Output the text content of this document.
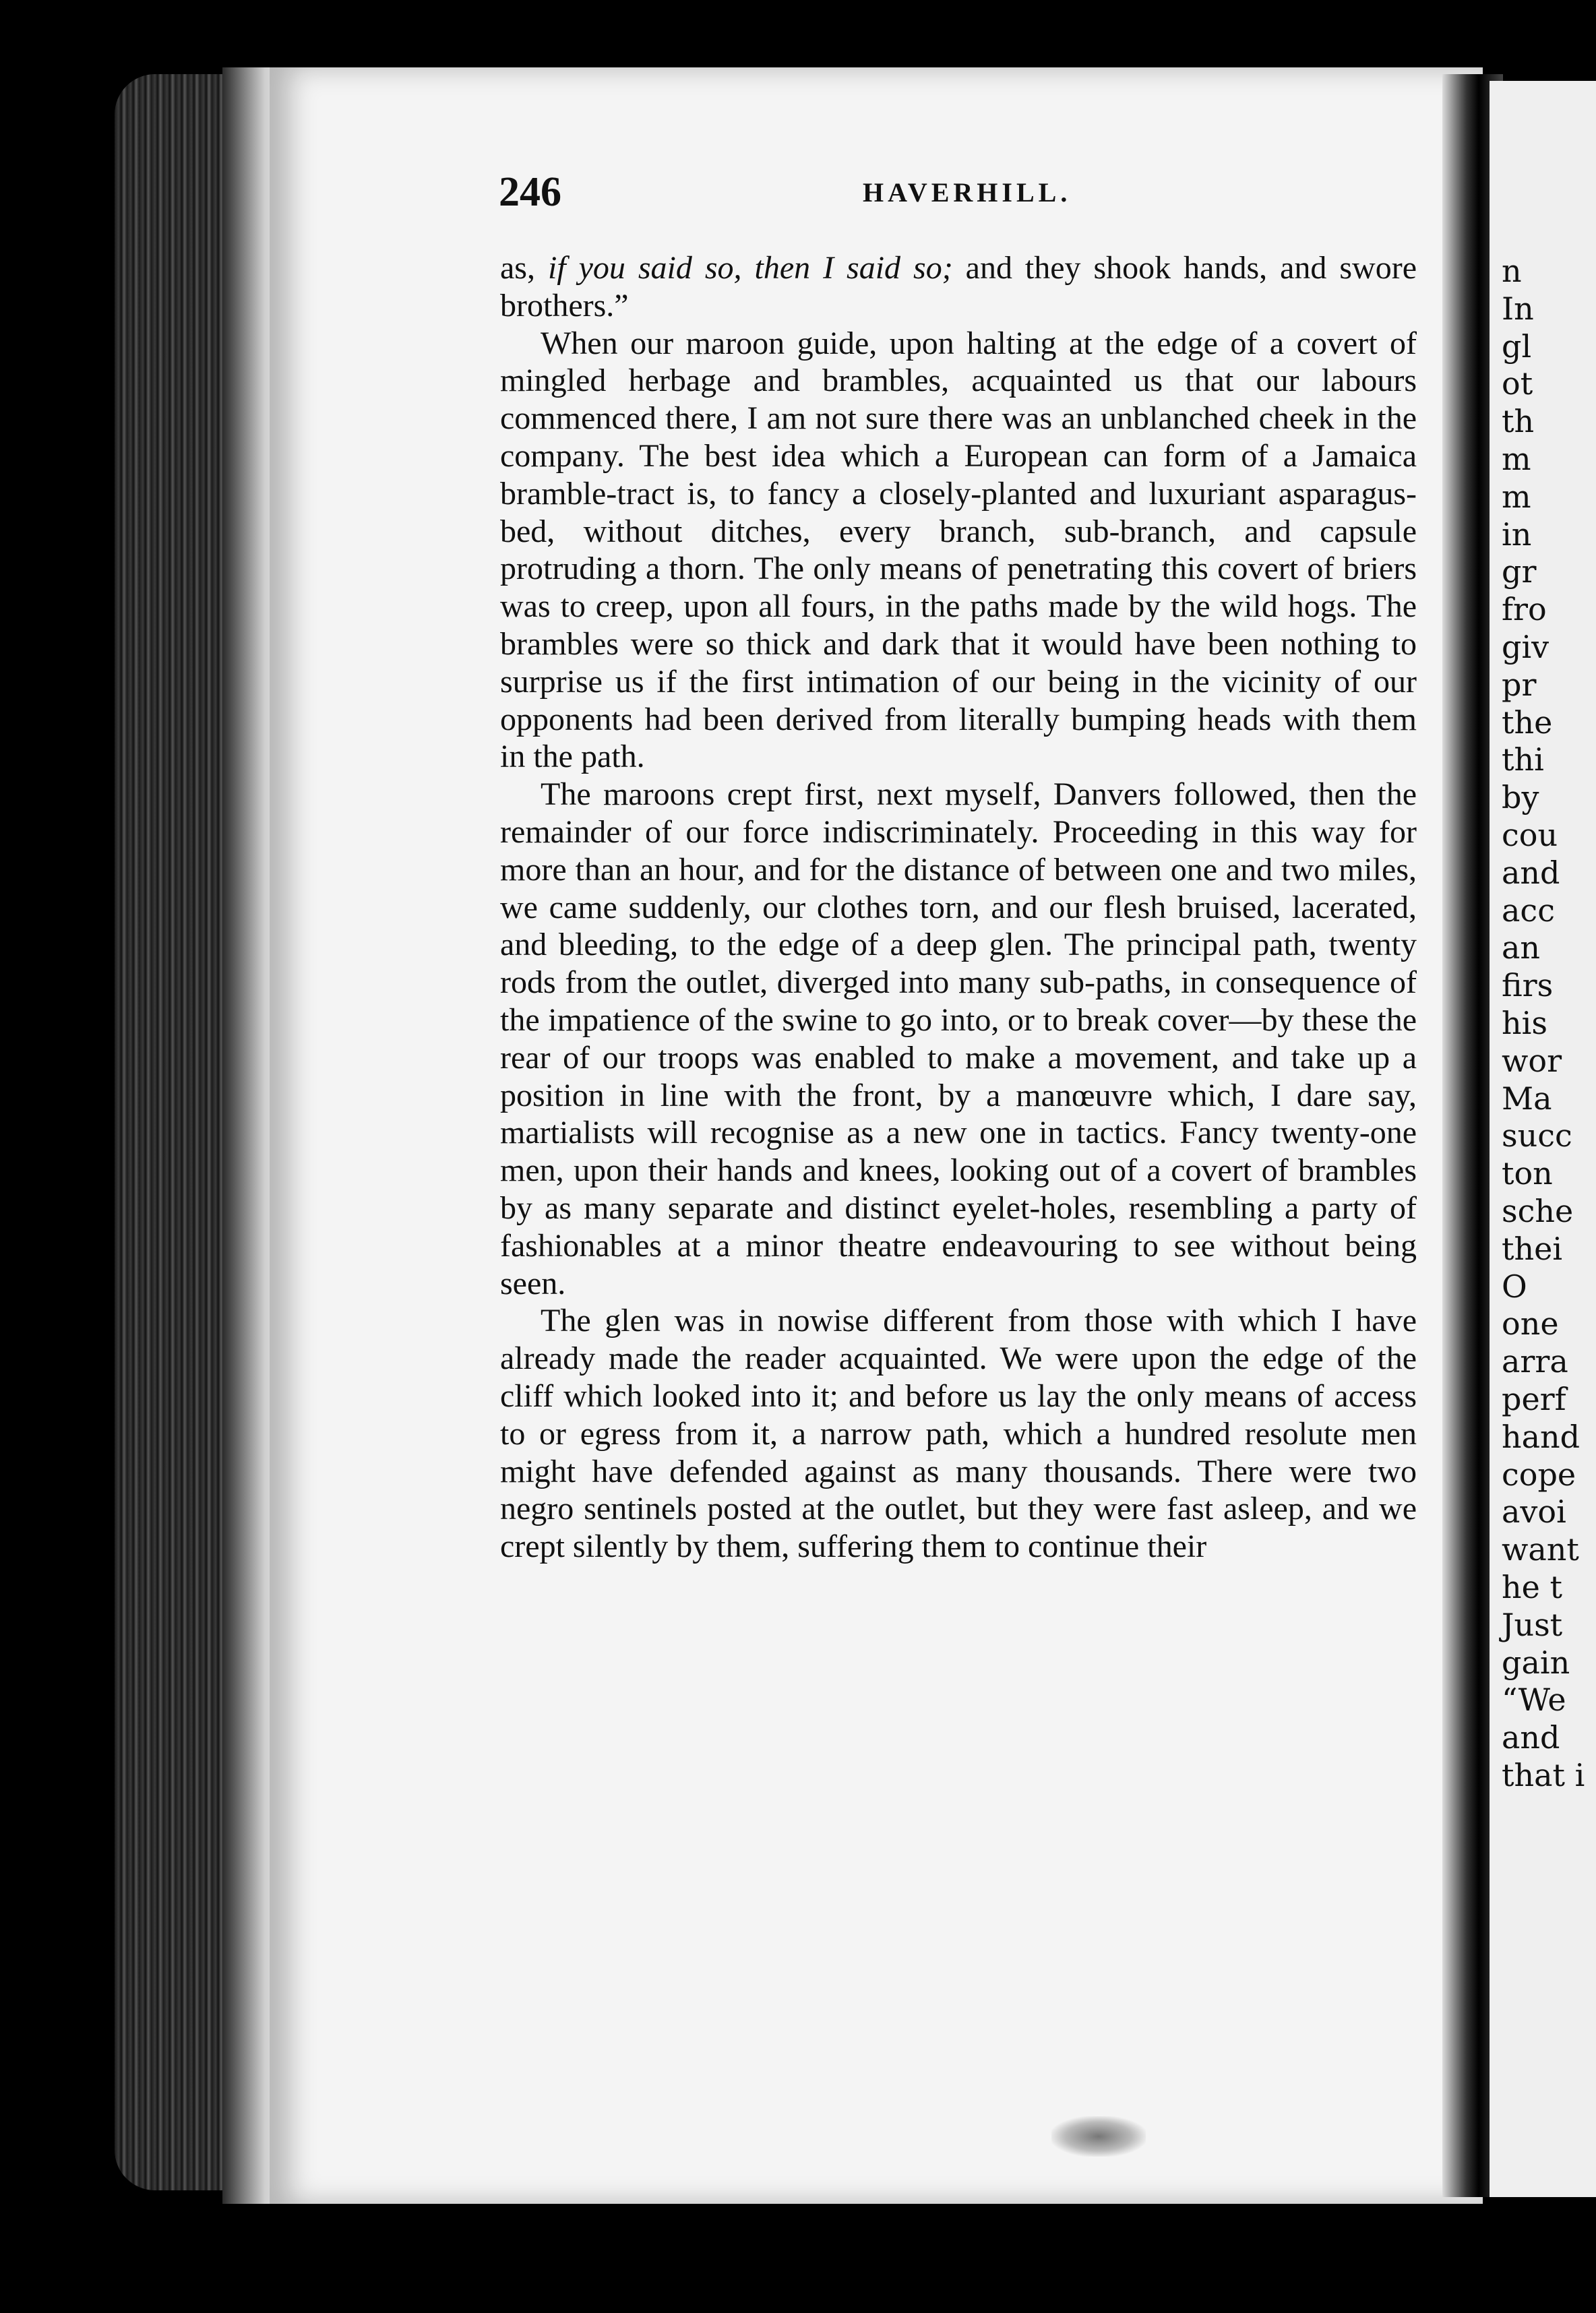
246	HAVERHILL.

as, if you said so, then I said so; and they shook hands, and swore brothers.”

When our maroon guide, upon halting at the edge of a covert of mingled herbage and brambles, acquainted us that our labours commenced there, I am not sure there was an unblanched cheek in the company. The best idea which a European can form of a Jamaica bramble-tract is, to fancy a closely-planted and luxuriant asparagus-bed, without ditches, every branch, sub-branch, and capsule protruding a thorn. The only means of penetrating this covert of briers was to creep, upon all fours, in the paths made by the wild hogs. The brambles were so thick and dark that it would have been nothing to surprise us if the first intimation of our being in the vicinity of our opponents had been derived from literally bumping heads with them in the path.

The maroons crept first, next myself, Danvers followed, then the remainder of our force indiscriminately. Proceeding in this way for more than an hour, and for the distance of between one and two miles, we came suddenly, our clothes torn, and our flesh bruised, lacerated, and bleeding, to the edge of a deep glen. The principal path, twenty rods from the outlet, diverged into many sub-paths, in consequence of the impatience of the swine to go into, or to break cover—by these the rear of our troops was enabled to make a movement, and take up a position in line with the front, by a manœuvre which, I dare say, martialists will recognise as a new one in tactics. Fancy twenty-one men, upon their hands and knees, looking out of a covert of brambles by as many separate and distinct eyelet-holes, resembling a party of fashionables at a minor theatre endeavouring to see without being seen.

The glen was in nowise different from those with which I have already made the reader acquainted. We were upon the edge of the cliff which looked into it; and before us lay the only means of access to or egress from it, a narrow path, which a hundred resolute men might have defended against as many thousands. There were two negro sentinels posted at the outlet, but they were fast asleep, and we crept silently by them, suffering them to continue their

n
In
gl
ot
th
m
m
in
gr
fro
giv
pr
the
thi
by
cou
and
acc
an
firs
his
wor
Ma
succ
ton
sche
thei
O
one
arra
perf
hand
cope
avoi
want
he t
Just
gain
“We
and
that i
